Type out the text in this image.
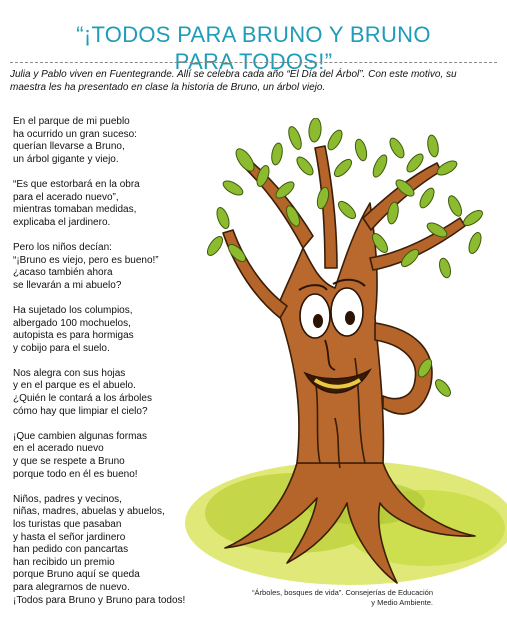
“¡TODOS PARA BRUNO Y BRUNO
PARA TODOS!”

Julia y Pablo viven en Fuentegrande. Allí se celebra cada año “El Día del Árbol”. Con este motivo, su maestra les ha presentado en clase la historia de Bruno, un árbol viejo.

En el parque de mi pueblo
ha ocurrido un gran suceso:
querían llevarse a Bruno,
un árbol gigante y viejo.
“Es que estorbará en la obra
para el acerado nuevo”,
mientras tomaban medidas,
explicaba el jardinero.
Pero los niños decían:
“¡Bruno es viejo, pero es bueno!”
¿acaso también ahora
se llevarán a mi abuelo?
Ha sujetado los columpios,
albergado 100 mochuelos,
autopista es para hormigas
y cobijo para el suelo.
Nos alegra con sus hojas
y en el parque es el abuelo.
¿Quién le contará a los árboles
cómo hay que limpiar el cielo?
¡Que cambien algunas formas
en el acerado nuevo
y que se respete a Bruno
porque todo en él es bueno!
Niños, padres y vecinos,
niñas, madres, abuelas y abuelos,
los turistas que pasaban
y hasta el señor jardinero
han pedido con pancartas
han recibido un premio
porque Bruno aquí se queda
para alegrarnos de nuevo.
¡Todos para Bruno y Bruno para todos!
“Árboles, bosques de vida”. Consejerías de Educación
y Medio Ambiente.
